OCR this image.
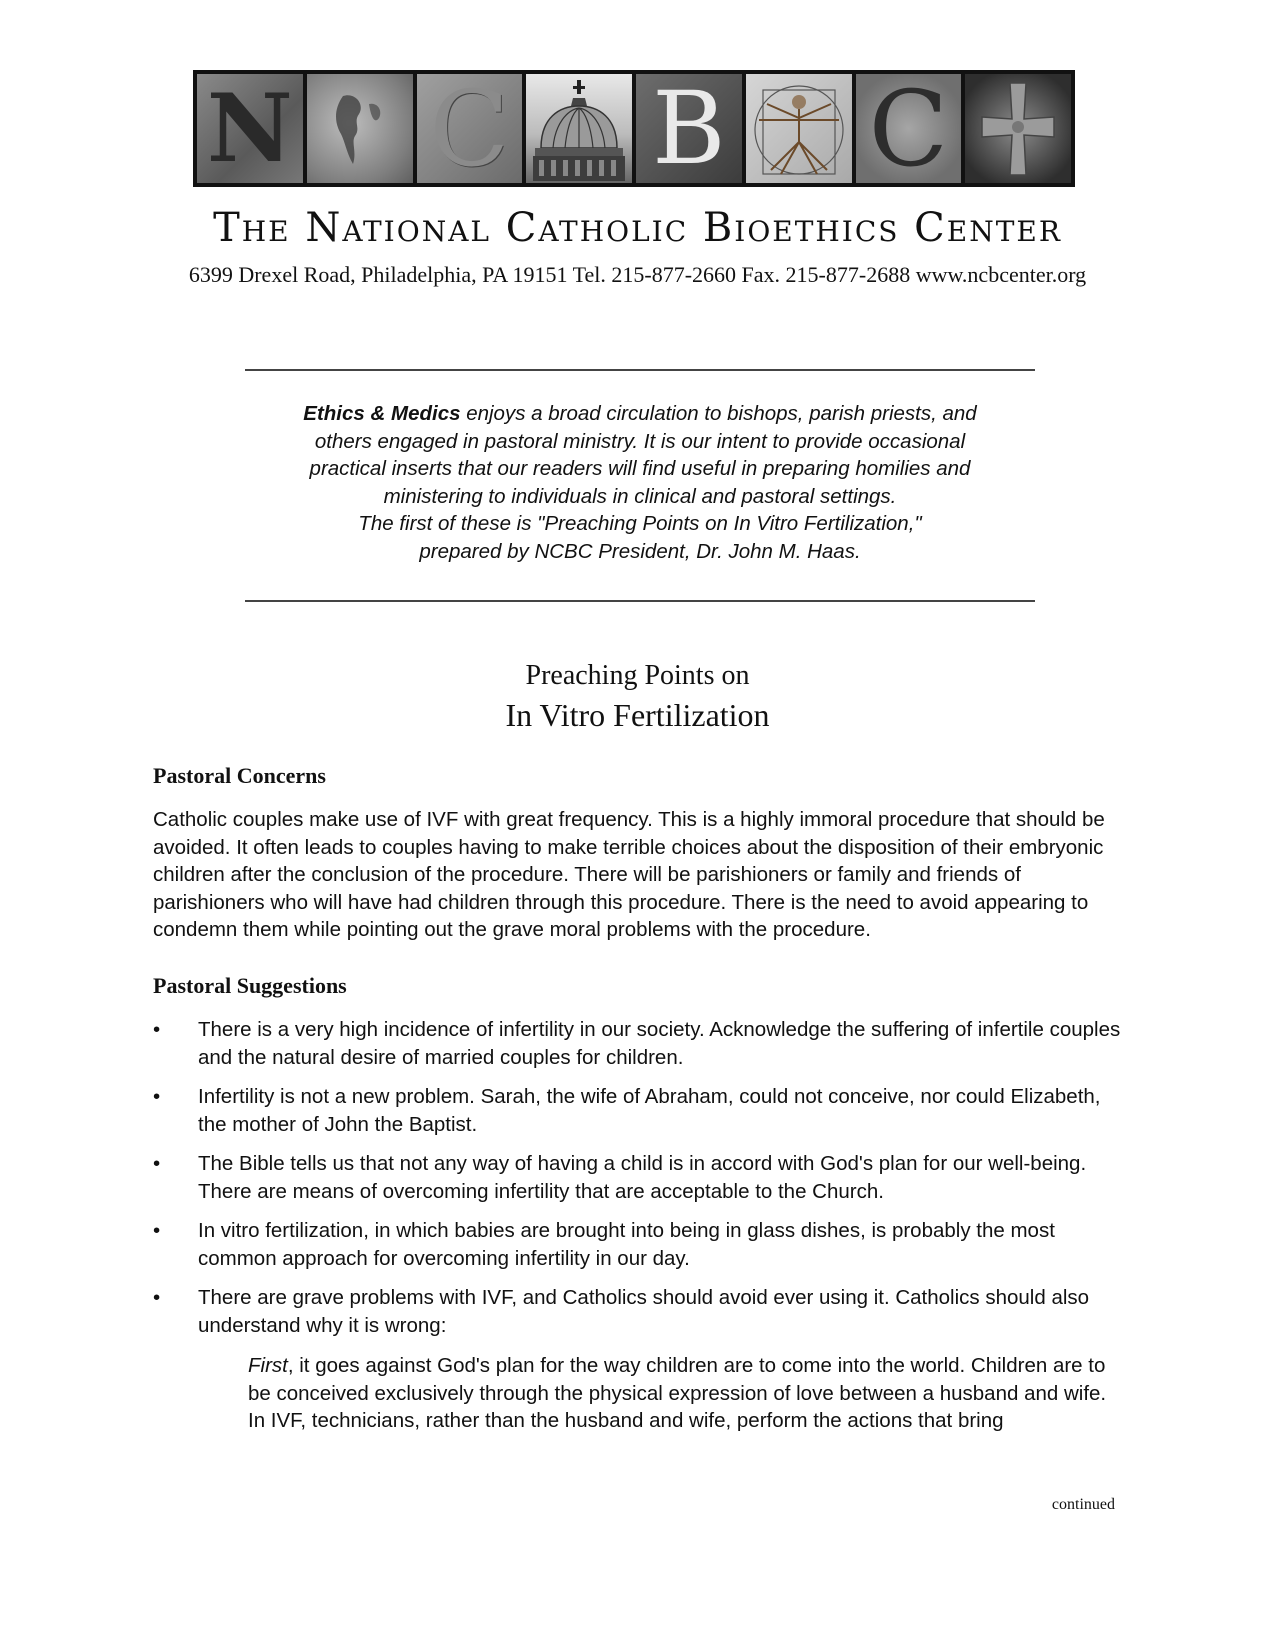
N C B C
The National Catholic Bioethics Center
6399 Drexel Road, Philadelphia, PA 19151 Tel. 215-877-2660 Fax. 215-877-2688 www.ncbcenter.org
Ethics & Medics enjoys a broad circulation to bishops, parish priests, and
others engaged in pastoral ministry. It is our intent to provide occasional
practical inserts that our readers will find useful in preparing homilies and
ministering to individuals in clinical and pastoral settings.
The first of these is "Preaching Points on In Vitro Fertilization,"
prepared by NCBC President, Dr. John M. Haas.
Preaching Points on
In Vitro Fertilization
Pastoral Concerns
Catholic couples make use of IVF with great frequency. This is a highly immoral procedure that should be avoided. It often leads to couples having to make terrible choices about the disposition of their embryonic children after the conclusion of the procedure. There will be parishioners or family and friends of parishioners who will have had children through this procedure. There is the need to avoid appearing to condemn them while pointing out the grave moral problems with the procedure.
Pastoral Suggestions
• There is a very high incidence of infertility in our society. Acknowledge the suffering of infertile couples and the natural desire of married couples for children.
• Infertility is not a new problem. Sarah, the wife of Abraham, could not conceive, nor could Elizabeth, the mother of John the Baptist.
• The Bible tells us that not any way of having a child is in accord with God's plan for our well-being. There are means of overcoming infertility that are acceptable to the Church.
• In vitro fertilization, in which babies are brought into being in glass dishes, is probably the most common approach for overcoming infertility in our day.
• There are grave problems with IVF, and Catholics should avoid ever using it. Catholics should also understand why it is wrong:
First, it goes against God's plan for the way children are to come into the world. Children are to be conceived exclusively through the physical expression of love between a husband and wife. In IVF, technicians, rather than the husband and wife, perform the actions that bring
continued
